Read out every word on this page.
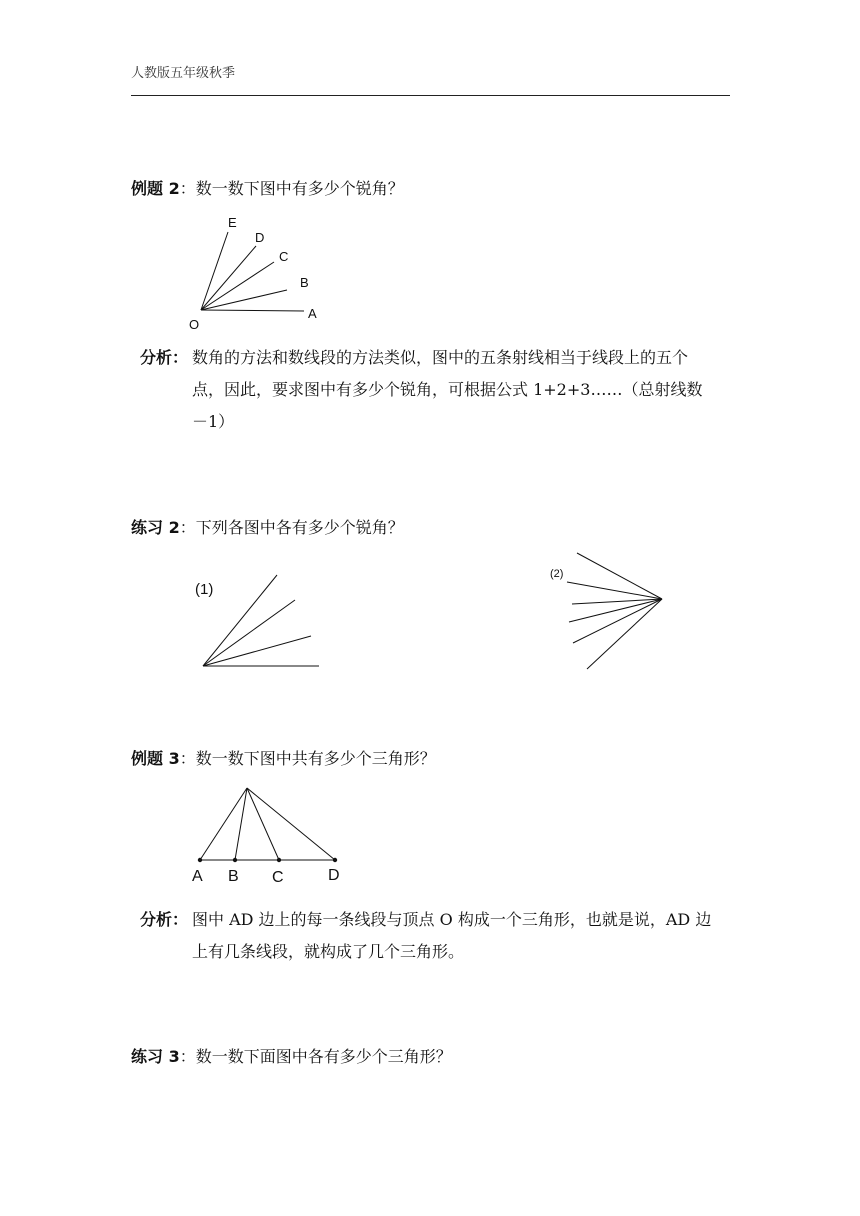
人教版五年级秋季
例题 2：数一数下图中有多少个锐角？
E
D
C
B
A
O
分析： 数角的方法和数线段的方法类似，图中的五条射线相当于线段上的五个
点，因此，要求图中有多少个锐角，可根据公式 1+2+3……（总射线数
－1）
练习 2：下列各图中各有多少个锐角？
(1)
(2)
例题 3：数一数下图中共有多少个三角形？
A B C	D
分析： 图中 AD 边上的每一条线段与顶点 O 构成一个三角形，也就是说，AD 边
上有几条线段，就构成了几个三角形。
练习 3：数一数下面图中各有多少个三角形？
